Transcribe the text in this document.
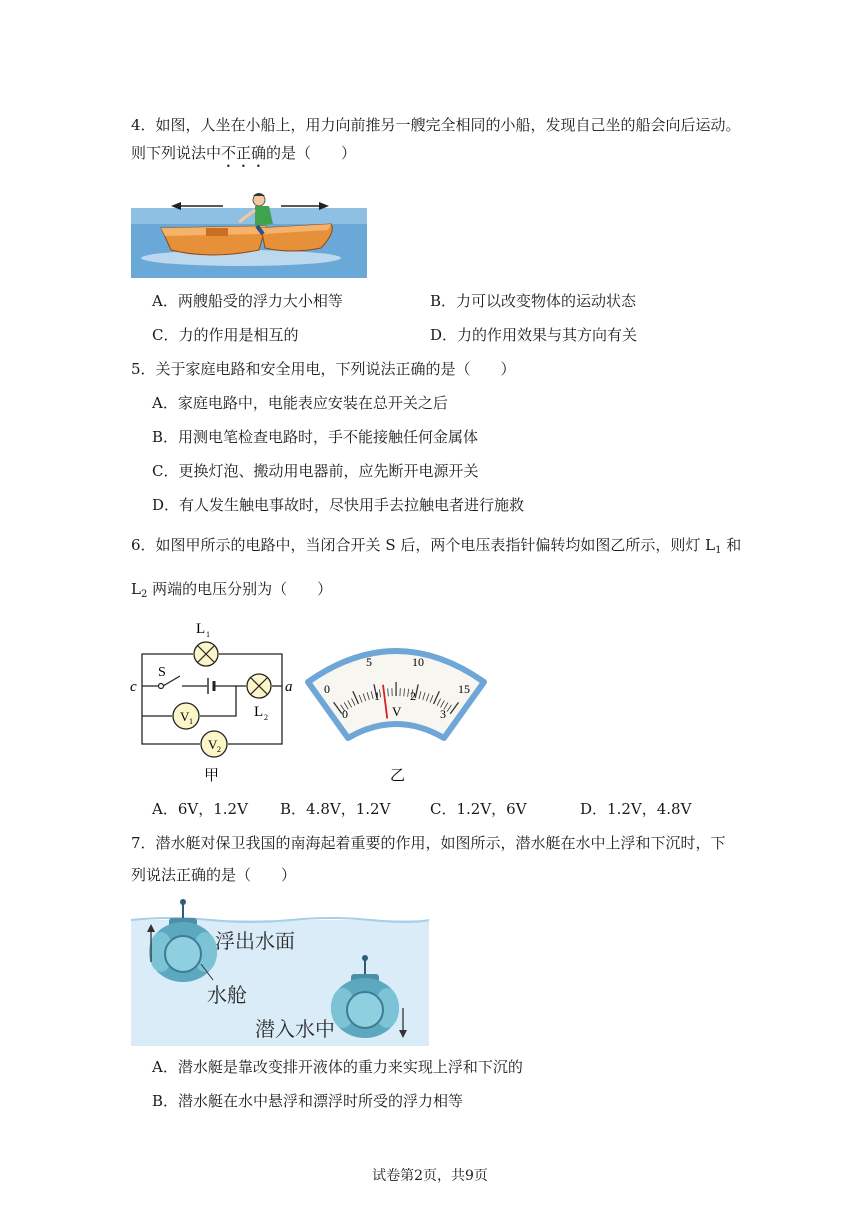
4．如图，人坐在小船上，用力向前推另一艘完全相同的小船，发现自己坐的船会向后运动。
则下列说法中不正确的是（　　）
A．两艘船受的浮力大小相等	B．力可以改变物体的运动状态
C．力的作用是相互的	D．力的作用效果与其方向有关
5．关于家庭电路和安全用电，下列说法正确的是（　　）
A．家庭电路中，电能表应安装在总开关之后
B．用测电笔检查电路时，手不能接触任何金属体
C．更换灯泡、搬动用电器前，应先断开电源开关
D．有人发生触电事故时，尽快用手去拉触电者进行施救
6．如图甲所示的电路中，当闭合开关 S 后，两个电压表指针偏转均如图乙所示，则灯 $L_1$ 和
$L_2$ 两端的电压分别为（　　）
V 1
V 2
L 1
L 2
S
c	a
甲
0
5	10
15
0
1	2
3
V
乙
A．6V，1.2V B．4.8V，1.2V	C．1.2V，6V	D．1.2V，4.8V
7．潜水艇对保卫我国的南海起着重要的作用，如图所示，潜水艇在水中上浮和下沉时，下
列说法正确的是（　　）
浮出水面
水舱
潜入水中
A．潜水艇是靠改变排开液体的重力来实现上浮和下沉的
B．潜水艇在水中悬浮和漂浮时所受的浮力相等
试卷第2页，共9页
